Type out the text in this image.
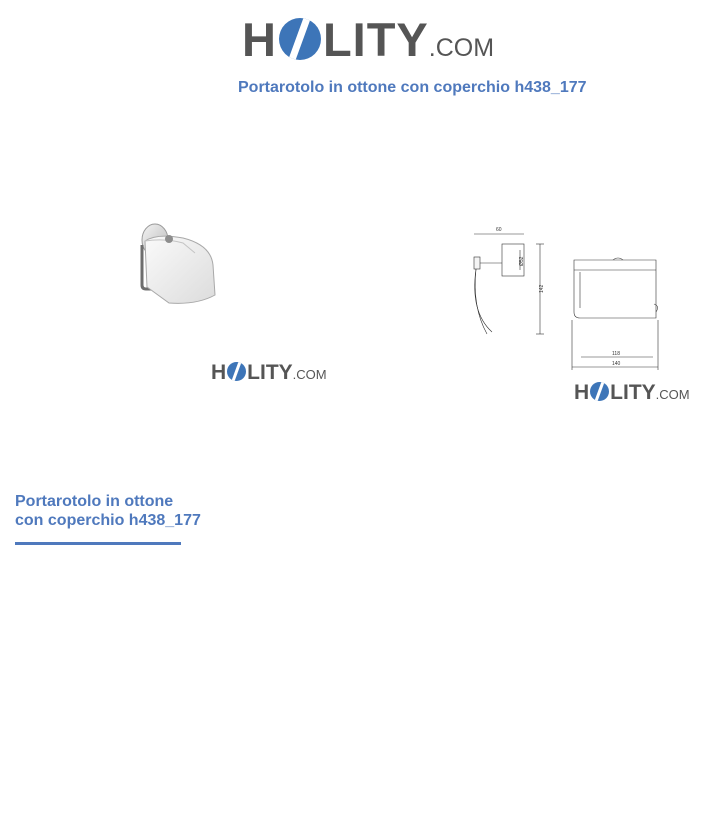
H LITY .COM
Portarotolo in ottone con coperchio h438_177
H LITY .COM
60
Ø52
142
118
140
H LITY .COM
Portarotolo in ottone
con coperchio h438_177
